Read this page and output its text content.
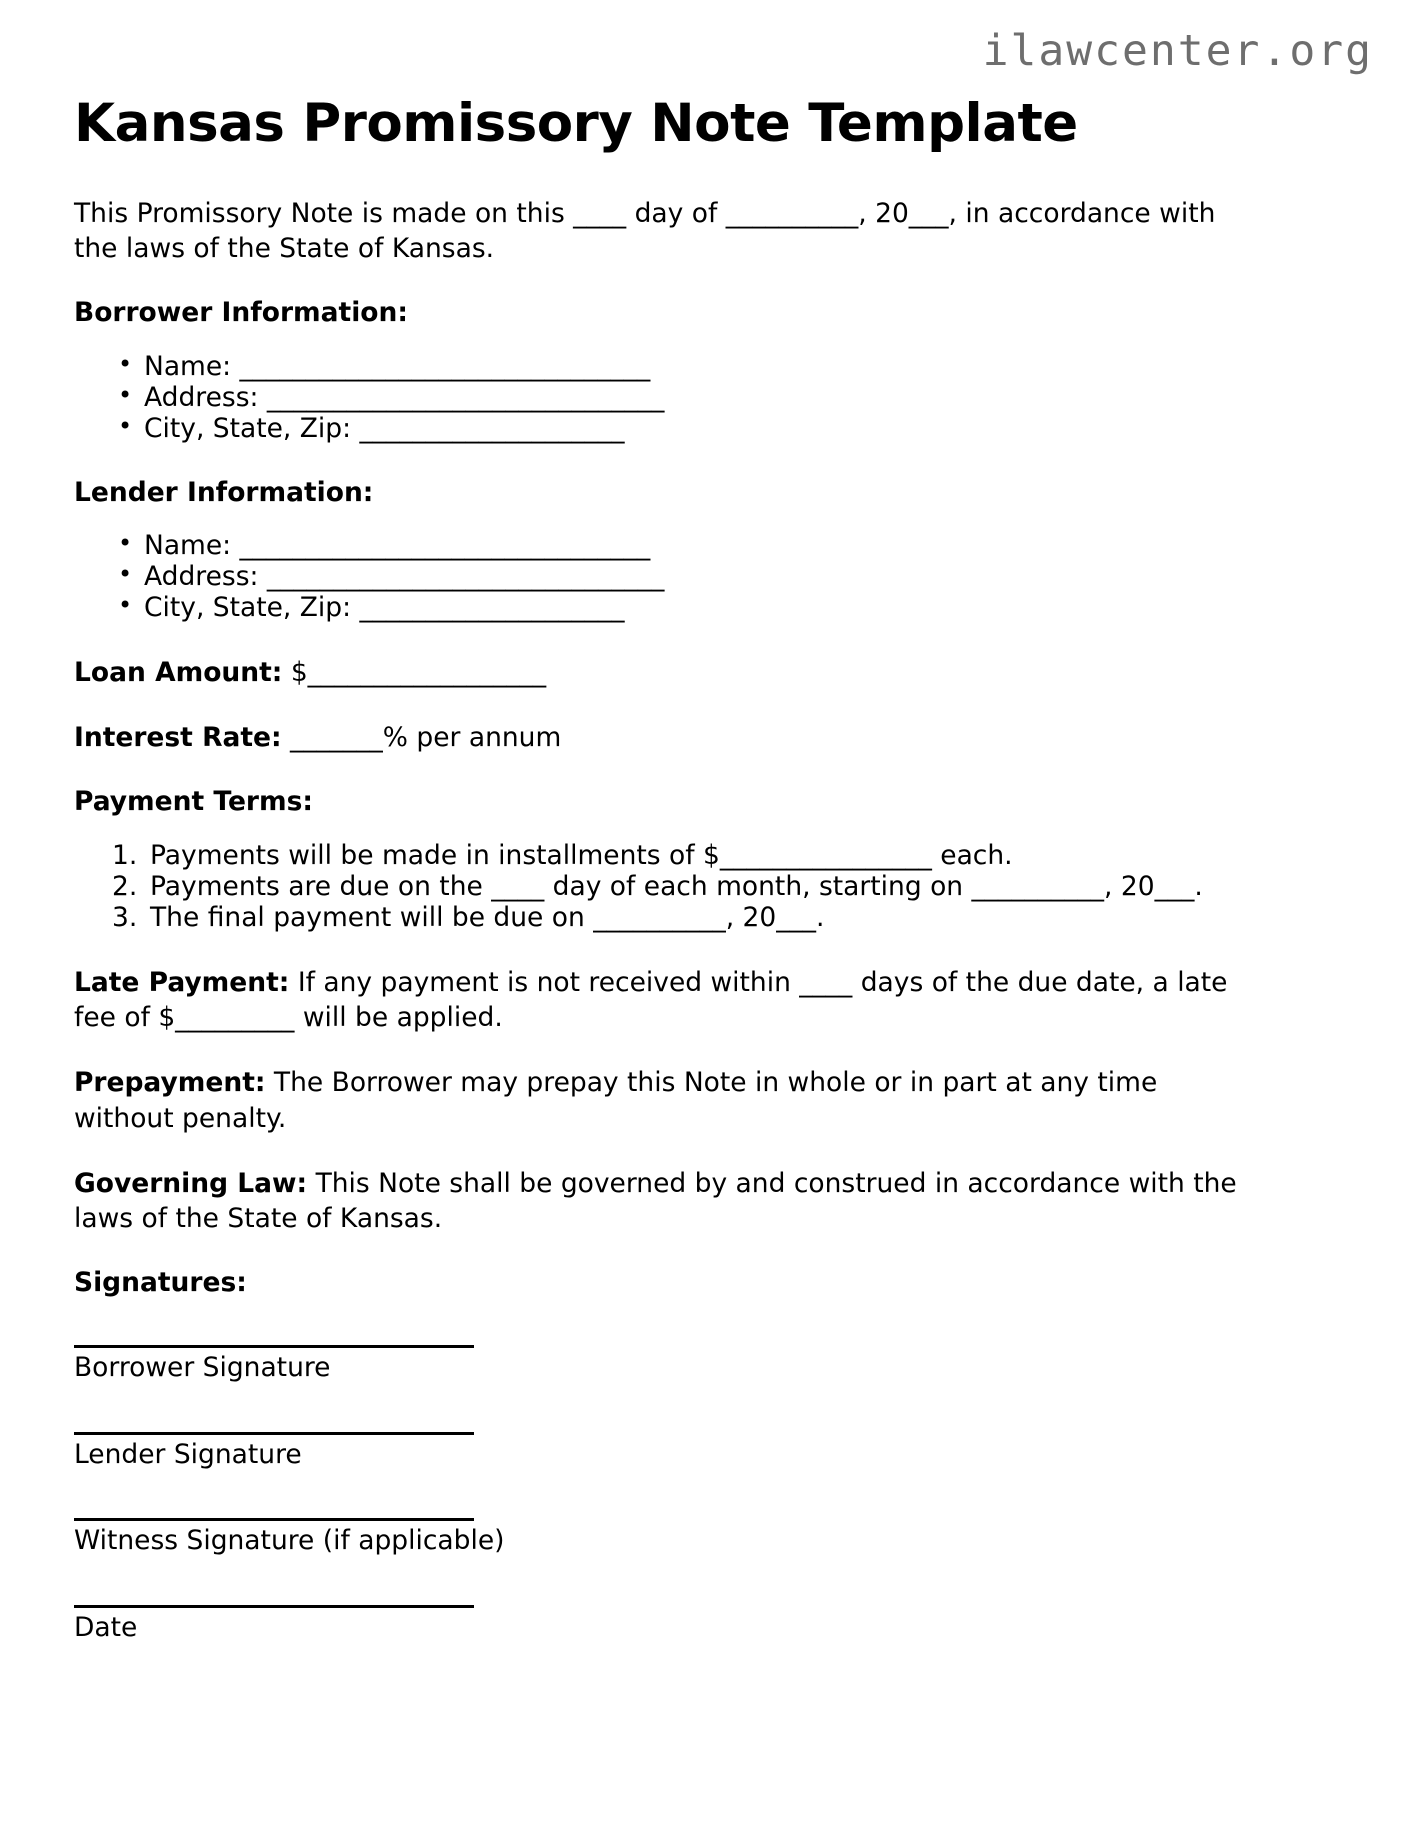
ilawcenter.org
Kansas Promissory Note Template

This Promissory Note is made on this ____ day of __________, 20___, in accordance with the laws of the State of Kansas.

Borrower Information:
• Name: _______________________________
• Address: ______________________________
• City, State, Zip: ____________________
Lender Information:
• Name: _______________________________
• Address: ______________________________
• City, State, Zip: ____________________

Loan Amount: $__________________

Interest Rate: _______% per annum

Payment Terms:
Payments will be made in installments of $________________ each.
Payments are due on the ____ day of each month, starting on __________, 20___.
The final payment will be due on __________, 20___.

Late Payment: If any payment is not received within ____ days of the due date, a late fee of $_________ will be applied.

Prepayment: The Borrower may prepay this Note in whole or in part at any time without penalty.

Governing Law: This Note shall be governed by and construed in accordance with the laws of the State of Kansas.

Signatures:
Borrower Signature
Lender Signature
Witness Signature (if applicable)
Date
